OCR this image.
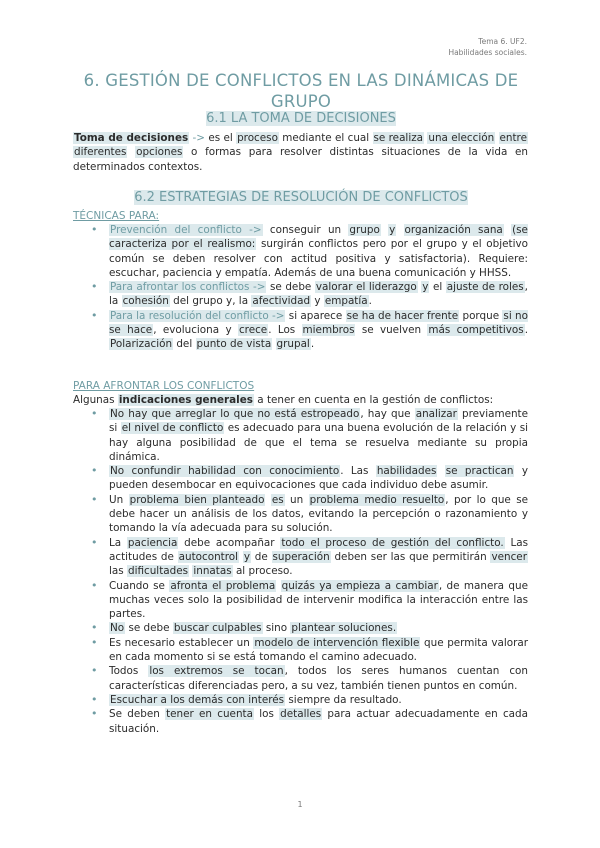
Tema 6. UF2.
Habilidades sociales.
6. GESTIÓN DE CONFLICTOS EN LAS DINÁMICAS DE GRUPO
6.1 LA TOMA DE DECISIONES
Toma de decisiones -> es el proceso mediante el cual se realiza una elección entre diferentes opciones o formas para resolver distintas situaciones de la vida en determinados contextos.
6.2 ESTRATEGIAS DE RESOLUCIÓN DE CONFLICTOS
TÉCNICAS PARA:
• Prevención del conflicto -> conseguir un grupo y organización sana (se caracteriza por el realismo: surgirán conflictos pero por el grupo y el objetivo común se deben resolver con actitud positiva y satisfactoria). Requiere: escuchar, paciencia y empatía. Además de una buena comunicación y HHSS.
• Para afrontar los conflictos -> se debe valorar el liderazgo y el ajuste de roles, la cohesión del grupo y, la afectividad y empatía.
• Para la resolución del conflicto -> si aparece se ha de hacer frente porque si no se hace, evoluciona y crece. Los miembros se vuelven más competitivos. Polarización del punto de vista grupal.
PARA AFRONTAR LOS CONFLICTOS
Algunas indicaciones generales a tener en cuenta en la gestión de conflictos:
• No hay que arreglar lo que no está estropeado, hay que analizar previamente si el nivel de conflicto es adecuado para una buena evolución de la relación y si hay alguna posibilidad de que el tema se resuelva mediante su propia dinámica.
• No confundir habilidad con conocimiento. Las habilidades se practican y pueden desembocar en equivocaciones que cada individuo debe asumir.
• Un problema bien planteado es un problema medio resuelto, por lo que se debe hacer un análisis de los datos, evitando la percepción o razonamiento y tomando la vía adecuada para su solución.
• La paciencia debe acompañar todo el proceso de gestión del conflicto. Las actitudes de autocontrol y de superación deben ser las que permitirán vencer las dificultades innatas al proceso.
• Cuando se afronta el problema quizás ya empieza a cambiar, de manera que muchas veces solo la posibilidad de intervenir modifica la interacción entre las partes.
• No se debe buscar culpables sino plantear soluciones.
• Es necesario establecer un modelo de intervención flexible que permita valorar en cada momento si se está tomando el camino adecuado.
• Todos los extremos se tocan, todos los seres humanos cuentan con características diferenciadas pero, a su vez, también tienen puntos en común.
• Escuchar a los demás con interés siempre da resultado.
• Se deben tener en cuenta los detalles para actuar adecuadamente en cada situación.
1
